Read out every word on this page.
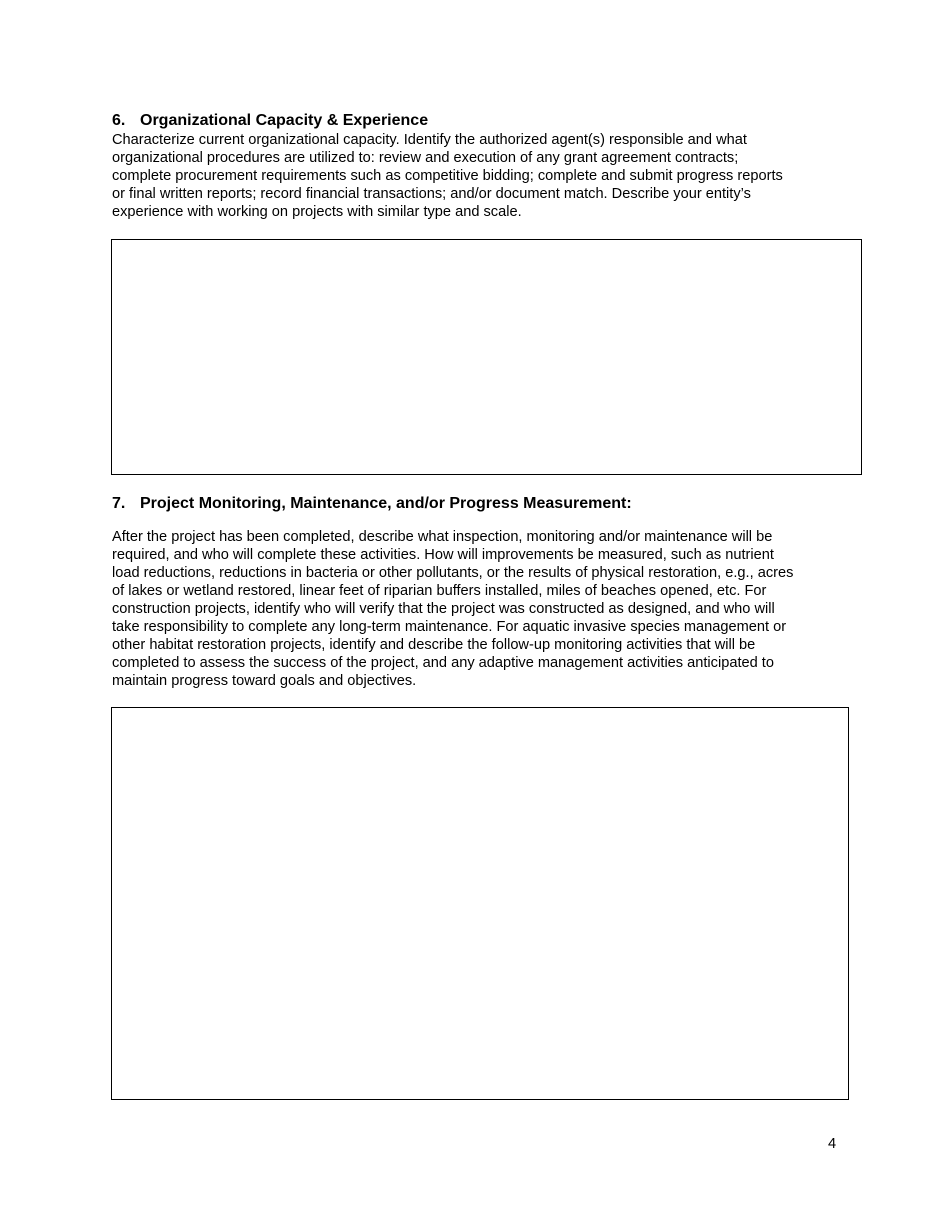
6. Organizational Capacity & Experience
Characterize current organizational capacity. Identify the authorized agent(s) responsible and what
organizational procedures are utilized to: review and execution of any grant agreement contracts;
complete procurement requirements such as competitive bidding; complete and submit progress reports
or final written reports; record financial transactions; and/or document match. Describe your entity’s
experience with working on projects with similar type and scale.
7. Project Monitoring, Maintenance, and/or Progress Measurement:
After the project has been completed, describe what inspection, monitoring and/or maintenance will be
required, and who will complete these activities. How will improvements be measured, such as nutrient
load reductions, reductions in bacteria or other pollutants, or the results of physical restoration, e.g., acres
of lakes or wetland restored, linear feet of riparian buffers installed, miles of beaches opened, etc. For
construction projects, identify who will verify that the project was constructed as designed, and who will
take responsibility to complete any long-term maintenance. For aquatic invasive species management or
other habitat restoration projects, identify and describe the follow-up monitoring activities that will be
completed to assess the success of the project, and any adaptive management activities anticipated to
maintain progress toward goals and objectives.
4
